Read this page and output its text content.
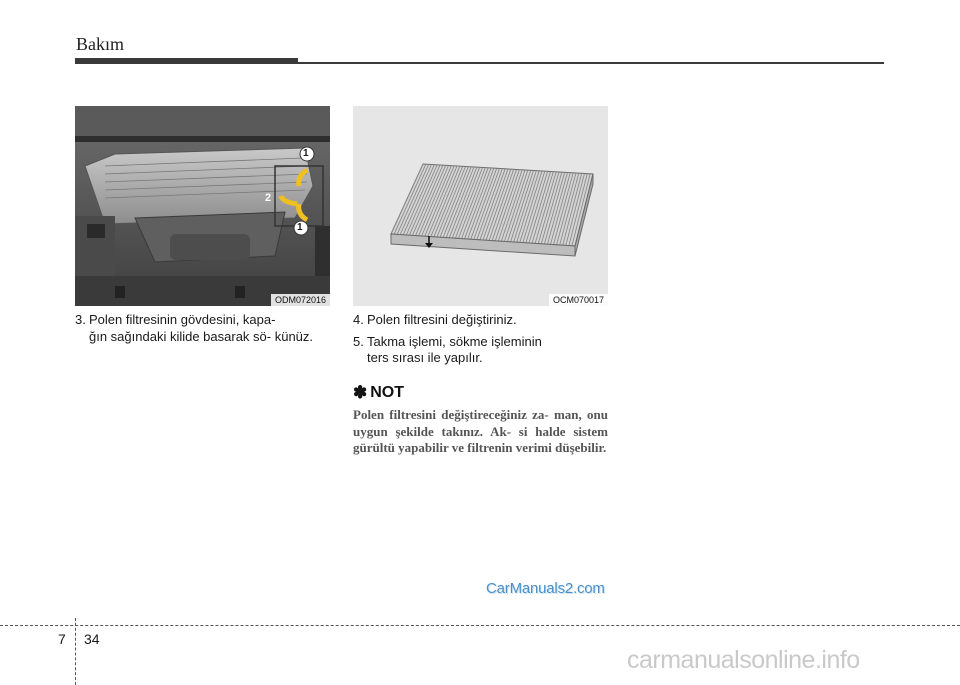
Bakım
1
2
1
ODM072016	OCM070017
3. Polen filtresinin gövdesini, kapa-
ğın sağındaki kilide basarak sö- künüz.
4. Polen filtresini değiştiriniz.
5. Takma işlemi, sökme işleminin
ters sırası ile yapılır.
✽ NOT
Polen filtresini değiştireceğiniz za- man, onu uygun şekilde takınız. Ak- si halde sistem gürültü yapabilir ve filtrenin verimi düşebilir.
CarManuals2.com
7 34
carmanualsonline.info
